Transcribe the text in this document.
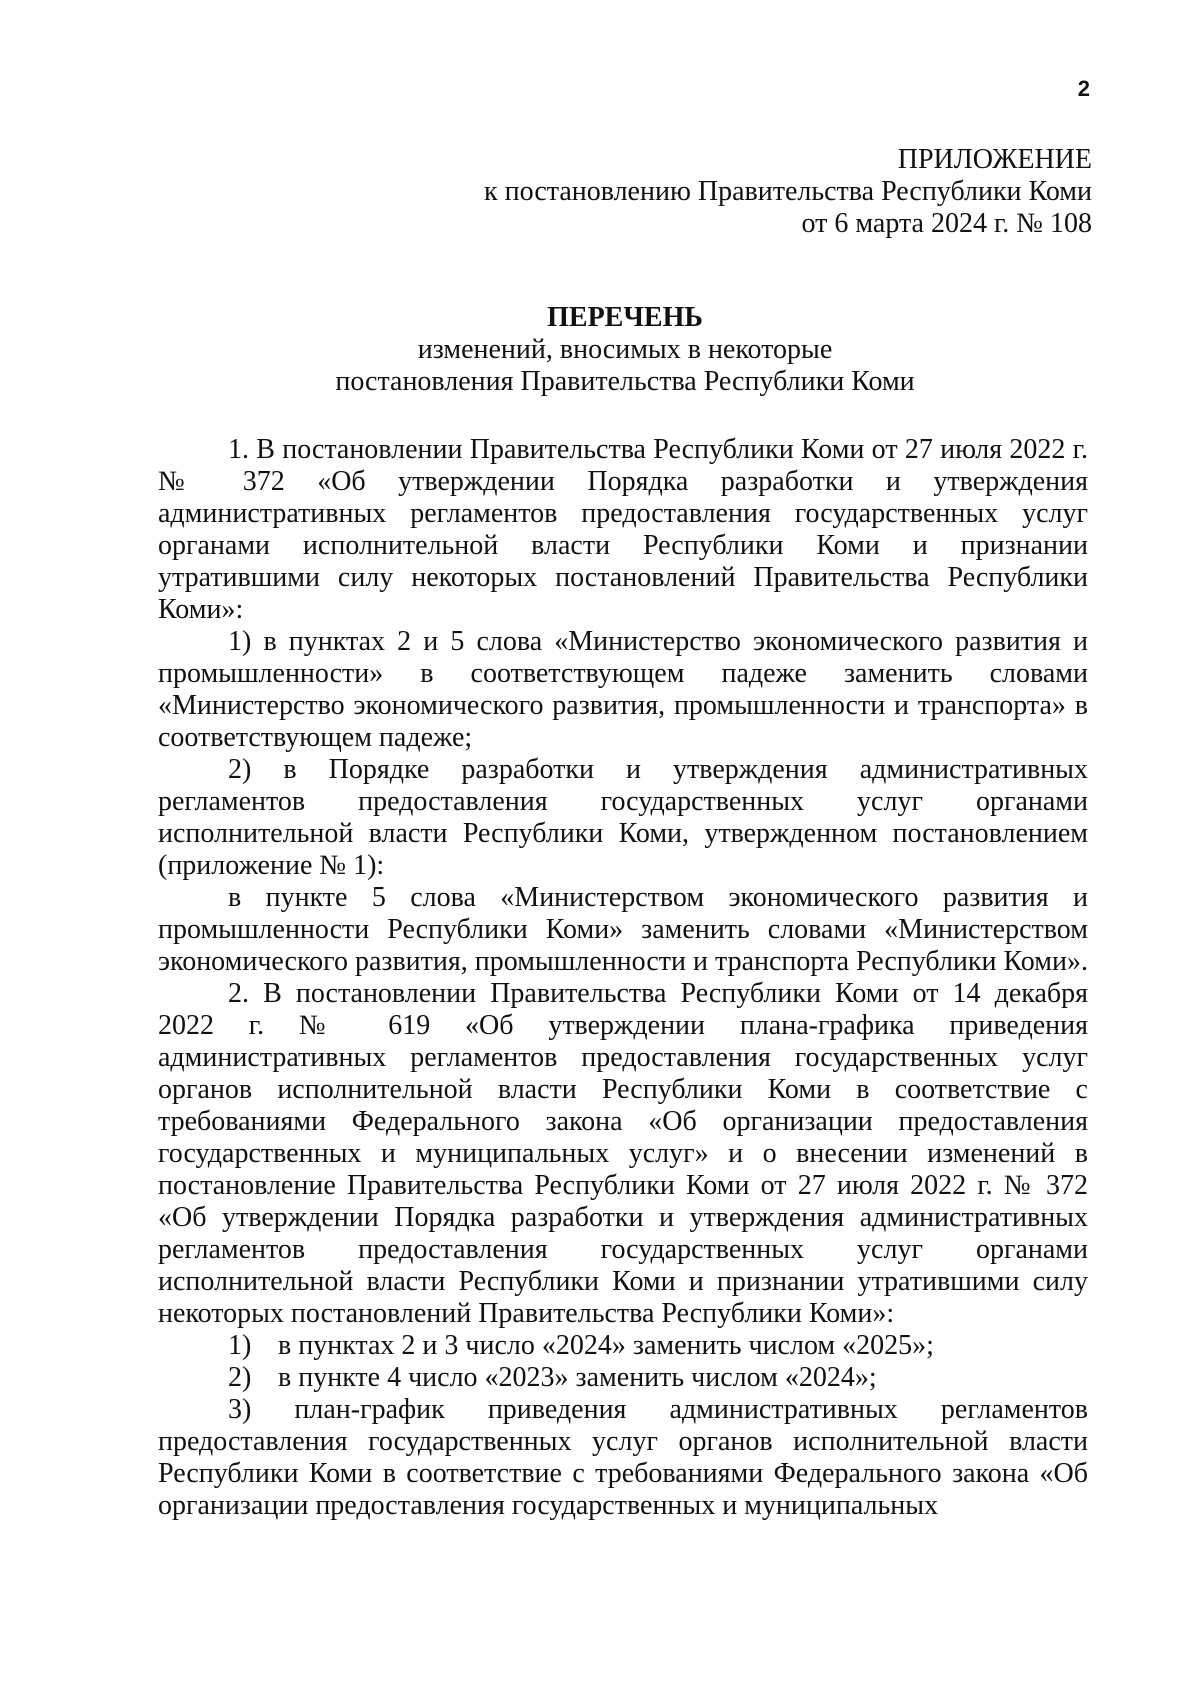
2
ПРИЛОЖЕНИЕ
к постановлению Правительства Республики Коми
от 6 марта 2024 г. № 108
ПЕРЕЧЕНЬ
изменений, вносимых в некоторые
постановления Правительства Республики Коми

1. В постановлении Правительства Республики Коми от 27 июля 2022 г. № 372 «Об утверждении Порядка разработки и утверждения административных регламентов предоставления государственных услуг органами исполнительной власти Республики Коми и признании утратившими силу некоторых постановлений Правительства Республики Коми»:

1) в пунктах 2 и 5 слова «Министерство экономического развития и промышленности» в соответствующем падеже заменить словами «Министерство экономического развития, промышленности и транспорта» в соответствующем падеже;

2) в Порядке разработки и утверждения административных регламентов предоставления государственных услуг органами исполнительной власти Республики Коми, утвержденном постановлением (приложение № 1):

в пункте 5 слова «Министерством экономического развития и промышленности Республики Коми» заменить словами «Министерством экономического развития, промышленности и транспорта Республики Коми».

2. В постановлении Правительства Республики Коми от 14 декабря 2022 г. № 619 «Об утверждении плана-графика приведения административных регламентов предоставления государственных услуг органов исполнительной власти Республики Коми в соответствие с требованиями Федерального закона «Об организации предоставления государственных и муниципальных услуг» и о внесении изменений в постановление Правительства Республики Коми от 27 июля 2022 г. № 372 «Об утверждении Порядка разработки и утверждения административных регламентов предоставления государственных услуг органами исполнительной власти Республики Коми и признании утратившими силу некоторых постановлений Правительства Республики Коми»:

1) в пунктах 2 и 3 число «2024» заменить числом «2025»;

2) в пункте 4 число «2023» заменить числом «2024»;

3) план-график приведения административных регламентов предоставления государственных услуг органов исполнительной власти Республики Коми в соответствие с требованиями Федерального закона «Об организации предоставления государственных и муниципальных
